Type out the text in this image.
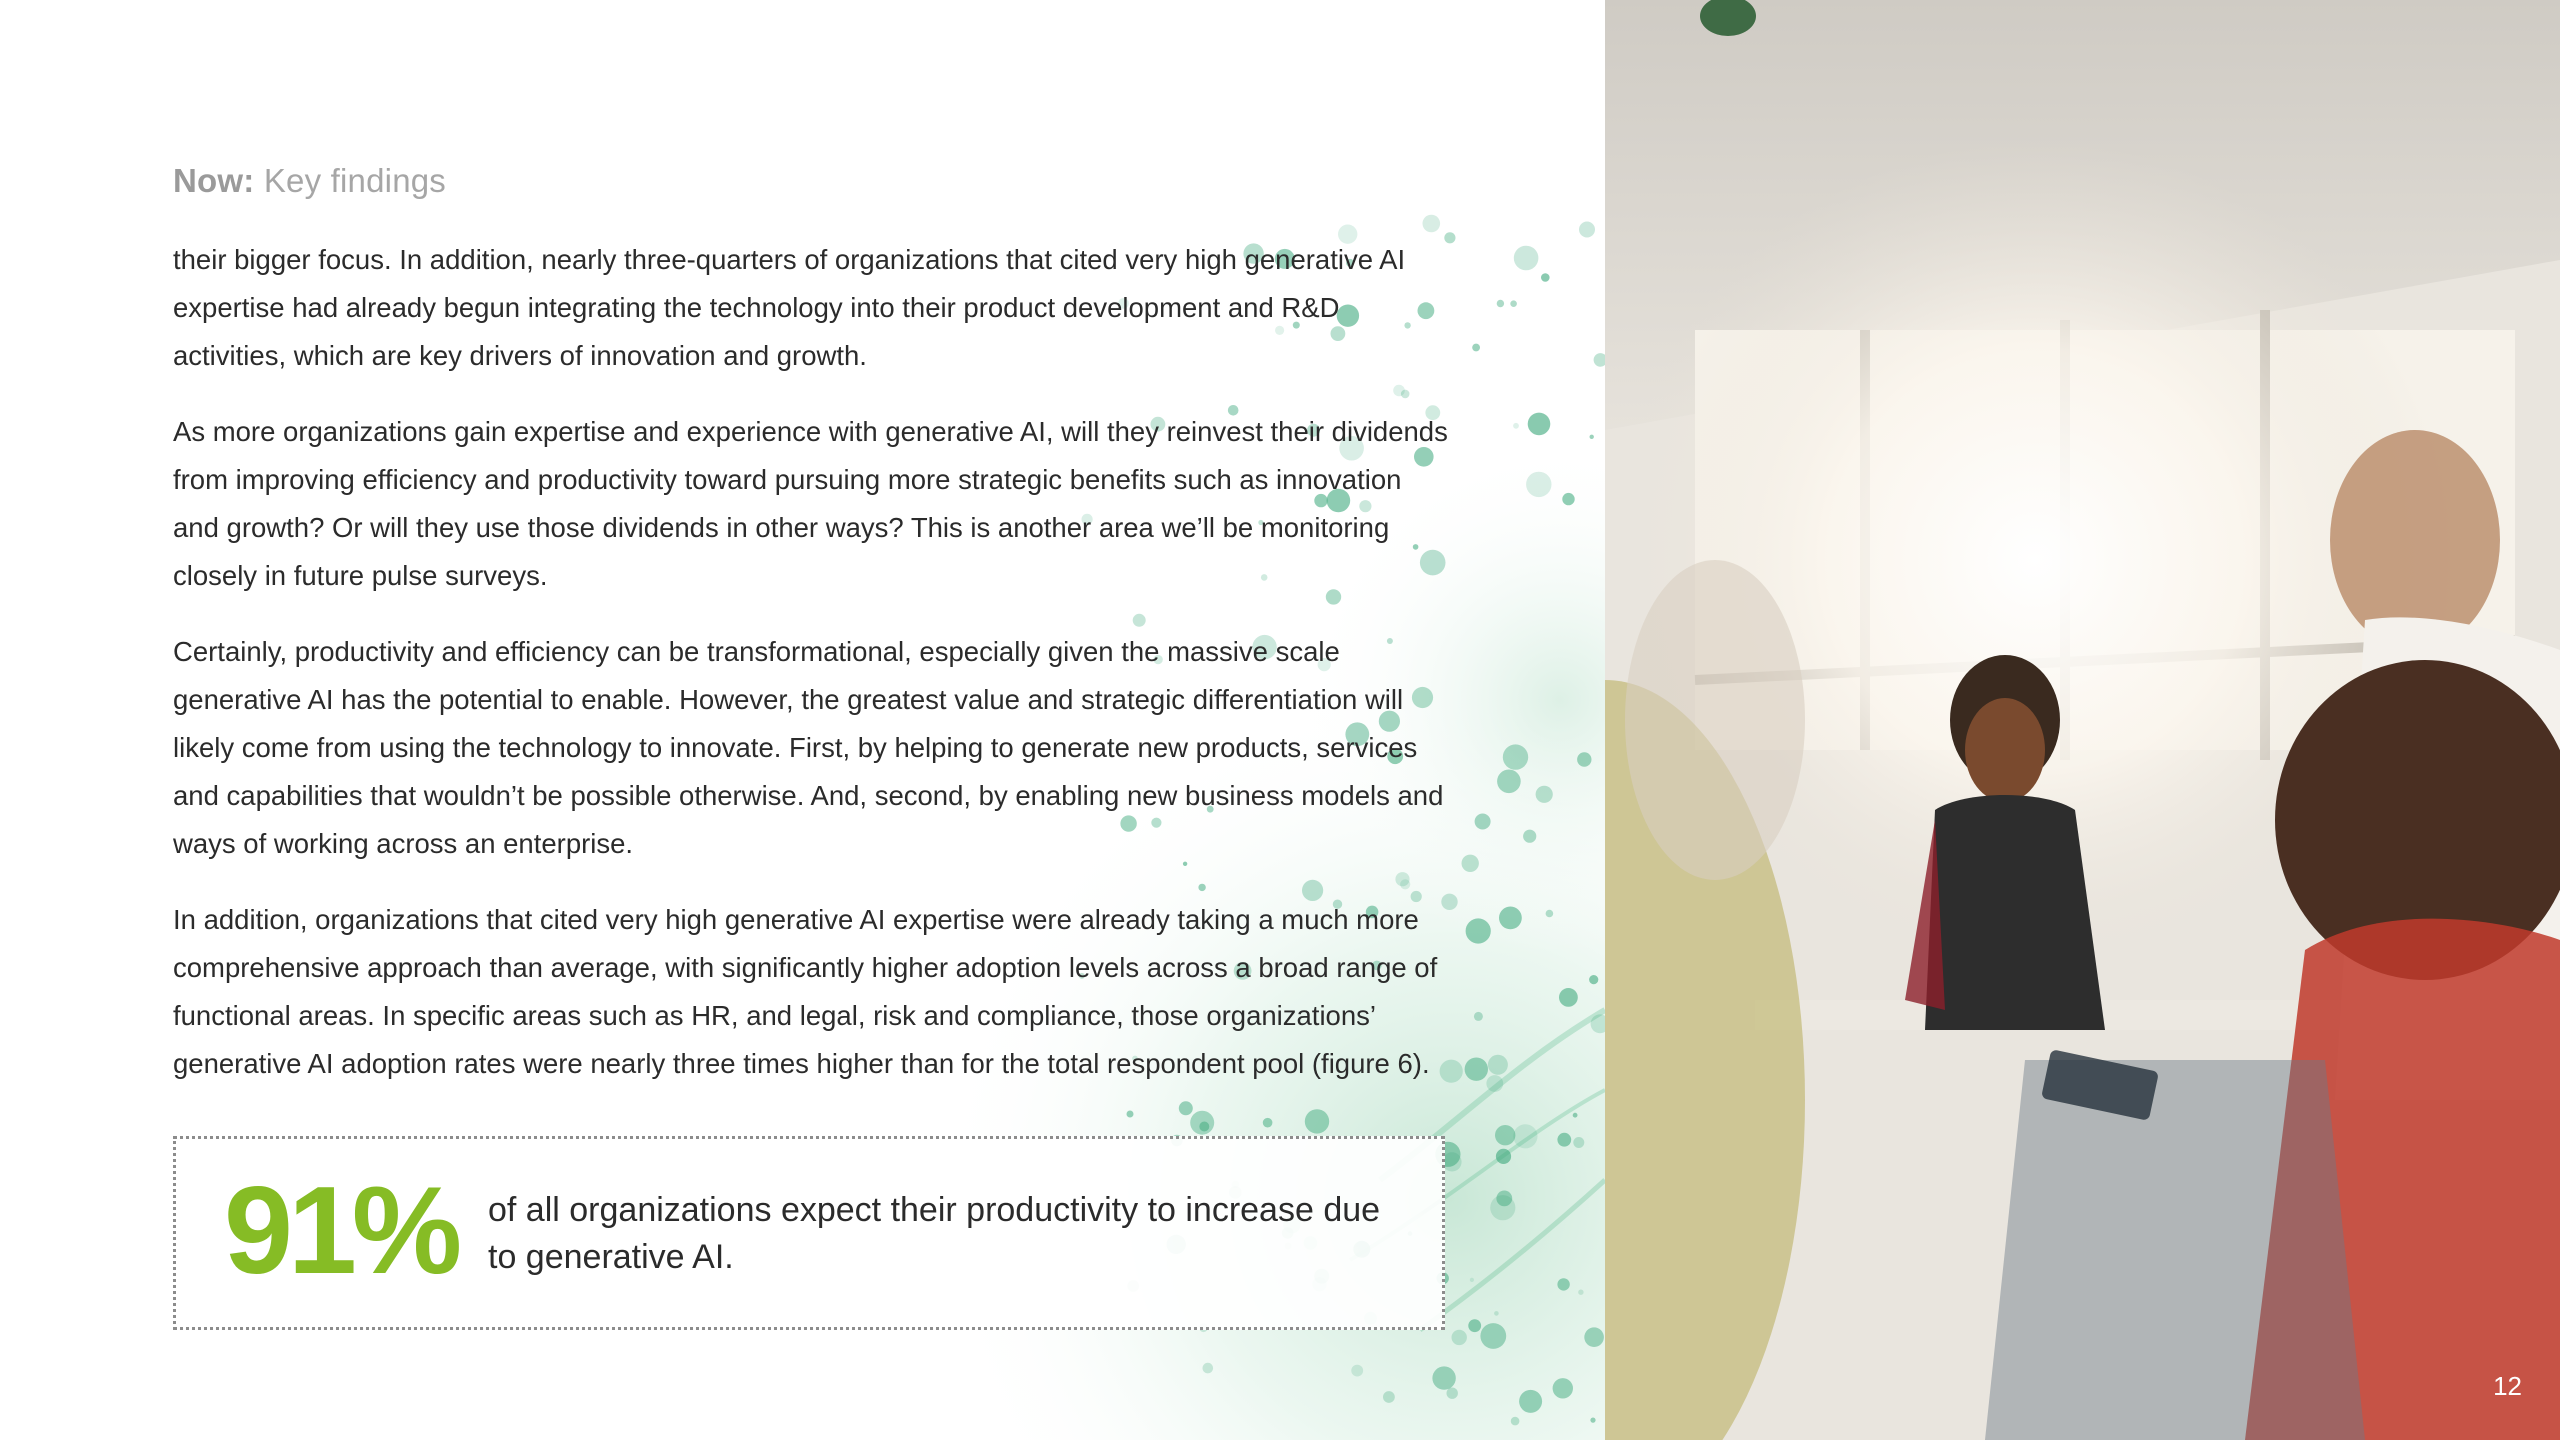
Now: Key findings

their bigger focus. In addition, nearly three-quarters of organizations that cited very high generative AI expertise had already begun integrating the technology into their product development and R&D activities, which are key drivers of innovation and growth.

As more organizations gain expertise and experience with generative AI, will they reinvest their dividends from improving efficiency and productivity toward pursuing more strategic benefits such as innovation and growth? Or will they use those dividends in other ways? This is another area we’ll be monitoring closely in future pulse surveys.

Certainly, productivity and efficiency can be transformational, especially given the massive scale generative AI has the potential to enable. However, the greatest value and strategic differentiation will likely come from using the technology to innovate. First, by helping to generate new products, services and capabilities that wouldn’t be possible otherwise. And, second, by enabling new business models and ways of working across an enterprise.

In addition, organizations that cited very high generative AI expertise were already taking a much more comprehensive approach than average, with significantly higher adoption levels across a broad range of functional areas. In specific areas such as HR, and legal, risk and compliance, those organizations’ generative AI adoption rates were nearly three times higher than for the total respondent pool (figure 6).

91% of all organizations expect their productivity to increase due to generative AI.
12
